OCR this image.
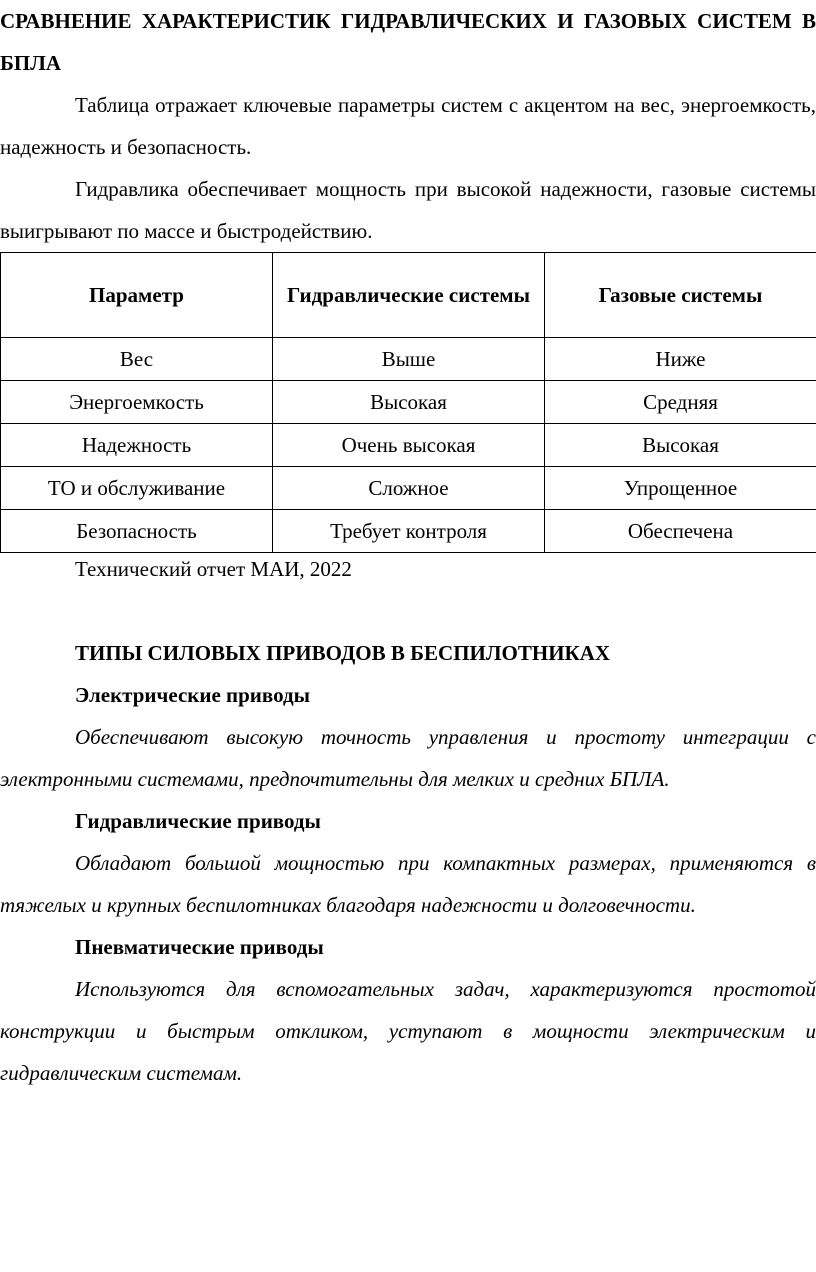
СРАВНЕНИЕ ХАРАКТЕРИСТИК ГИДРАВЛИЧЕСКИХ И ГАЗОВЫХ СИСТЕМ В БПЛА

Таблица отражает ключевые параметры систем с акцентом на вес, энергоемкость, надежность и безопасность.

Гидравлика обеспечивает мощность при высокой надежности, газовые системы выигрывают по массе и быстродействию.

Параметр	Гидравлические системы	Газовые системы
Вес	Выше	Ниже
Энергоемкость	Высокая	Средняя
Надежность	Очень высокая	Высокая
ТО и обслуживание	Сложное	Упрощенное
Безопасность	Требует контроля	Обеспечена

Технический отчет МАИ, 2022

ТИПЫ СИЛОВЫХ ПРИВОДОВ В БЕСПИЛОТНИКАХ

Электрические приводы

Обеспечивают высокую точность управления и простоту интеграции с электронными системами, предпочтительны для мелких и средних БПЛА.

Гидравлические приводы

Обладают большой мощностью при компактных размерах, применяются в тяжелых и крупных беспилотниках благодаря надежности и долговечности.

Пневматические приводы

Используются для вспомогательных задач, характеризуются простотой конструкции и быстрым откликом, уступают в мощности электрическим и гидравлическим системам.
